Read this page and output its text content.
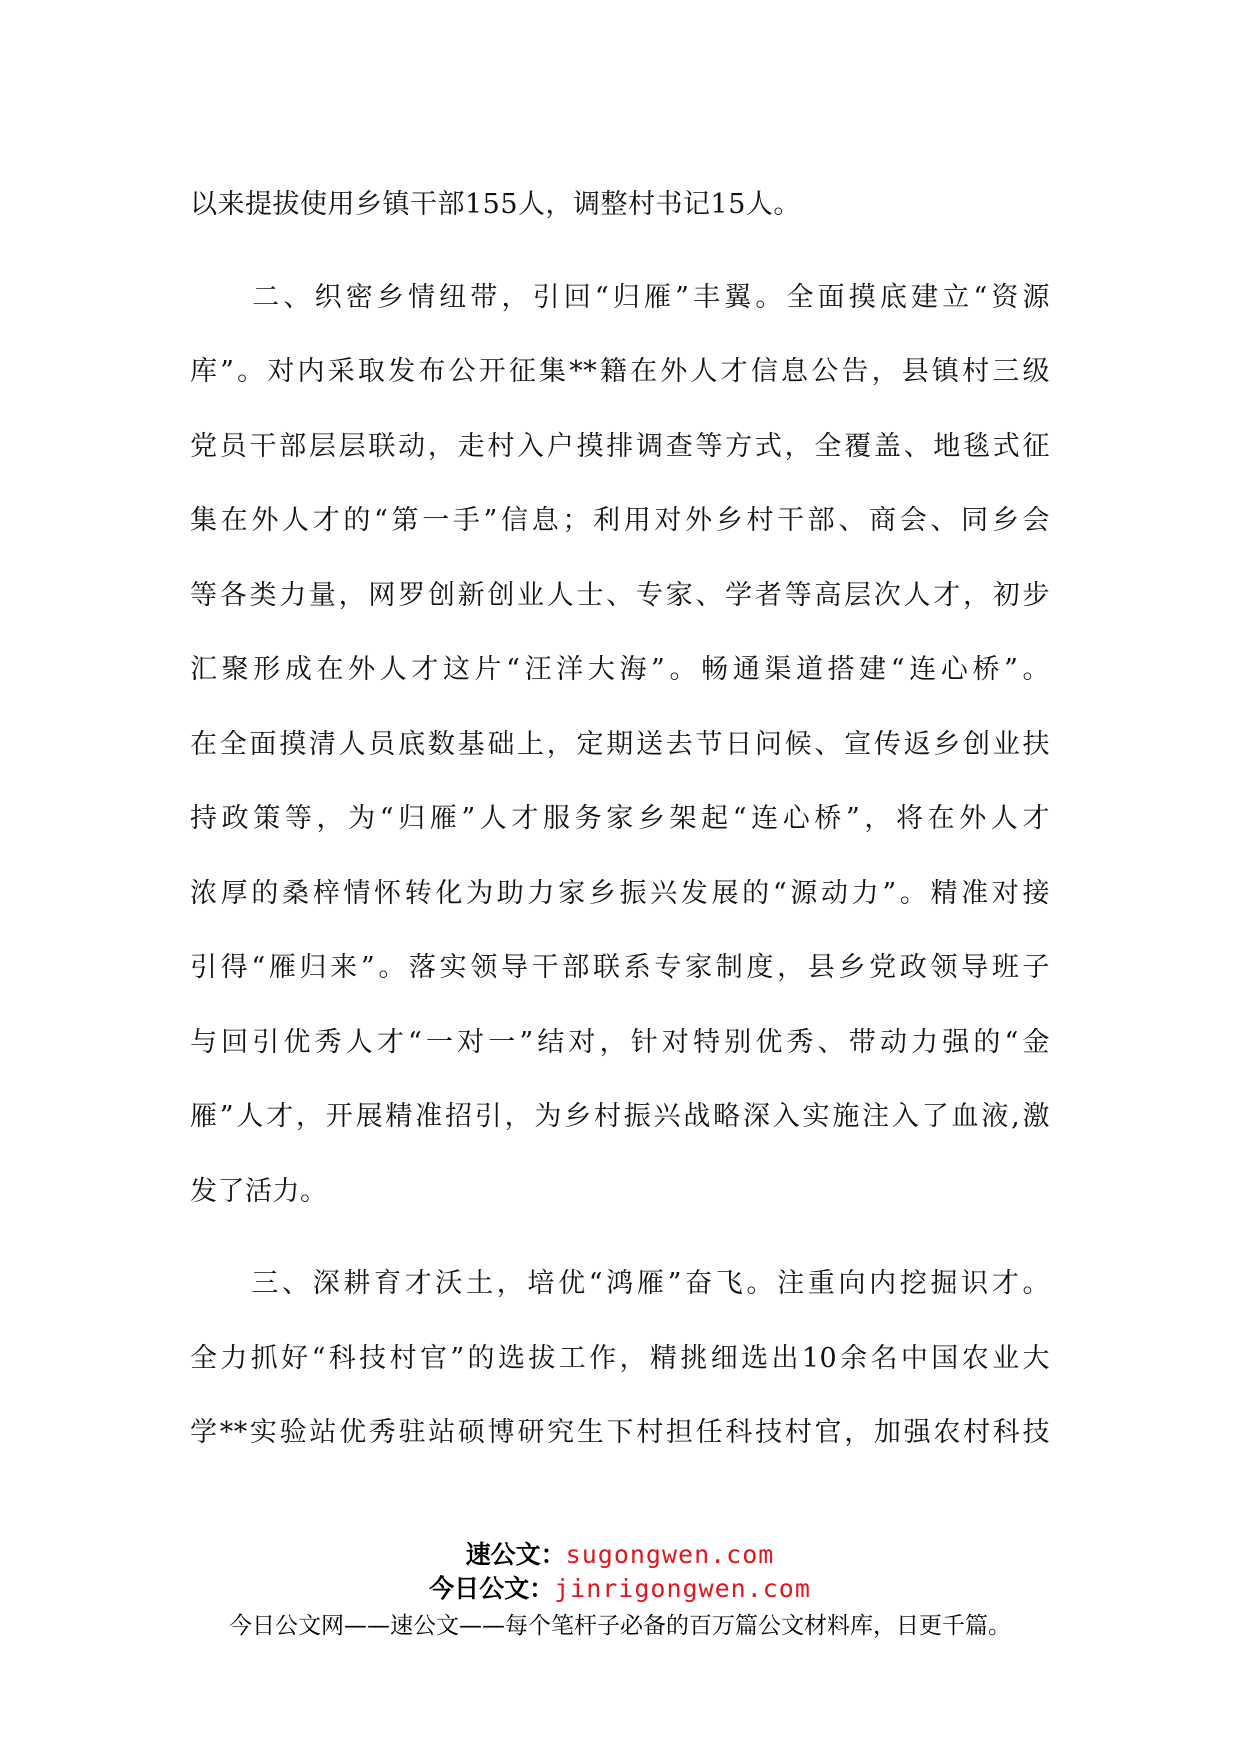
以来提拔使用乡镇干部155人，调整村书记15人。
　　二、织密乡情纽带，引回“归雁”丰翼。全面摸底建立“资源
库”。对内采取发布公开征集**籍在外人才信息公告，县镇村三级
党员干部层层联动，走村入户摸排调查等方式，全覆盖、地毯式征
集在外人才的“第一手”信息；利用对外乡村干部、商会、同乡会
等各类力量，网罗创新创业人士、专家、学者等高层次人才，初步
汇聚形成在外人才这片“汪洋大海”。畅通渠道搭建“连心桥”。
在全面摸清人员底数基础上，定期送去节日问候、宣传返乡创业扶
持政策等，为“归雁”人才服务家乡架起“连心桥”，将在外人才
浓厚的桑梓情怀转化为助力家乡振兴发展的“源动力”。精准对接
引得“雁归来”。落实领导干部联系专家制度，县乡党政领导班子
与回引优秀人才“一对一”结对，针对特别优秀、带动力强的“金
雁”人才，开展精准招引，为乡村振兴战略深入实施注入了血液,激
发了活力。
　　三、深耕育才沃土，培优“鸿雁”奋飞。注重向内挖掘识才。
全力抓好“科技村官”的选拔工作，精挑细选出10余名中国农业大
学**实验站优秀驻站硕博研究生下村担任科技村官，加强农村科技
速公文：sugongwen.com
今日公文：jinrigongwen.com
今日公文网——速公文——每个笔杆子必备的百万篇公文材料库，日更千篇。
